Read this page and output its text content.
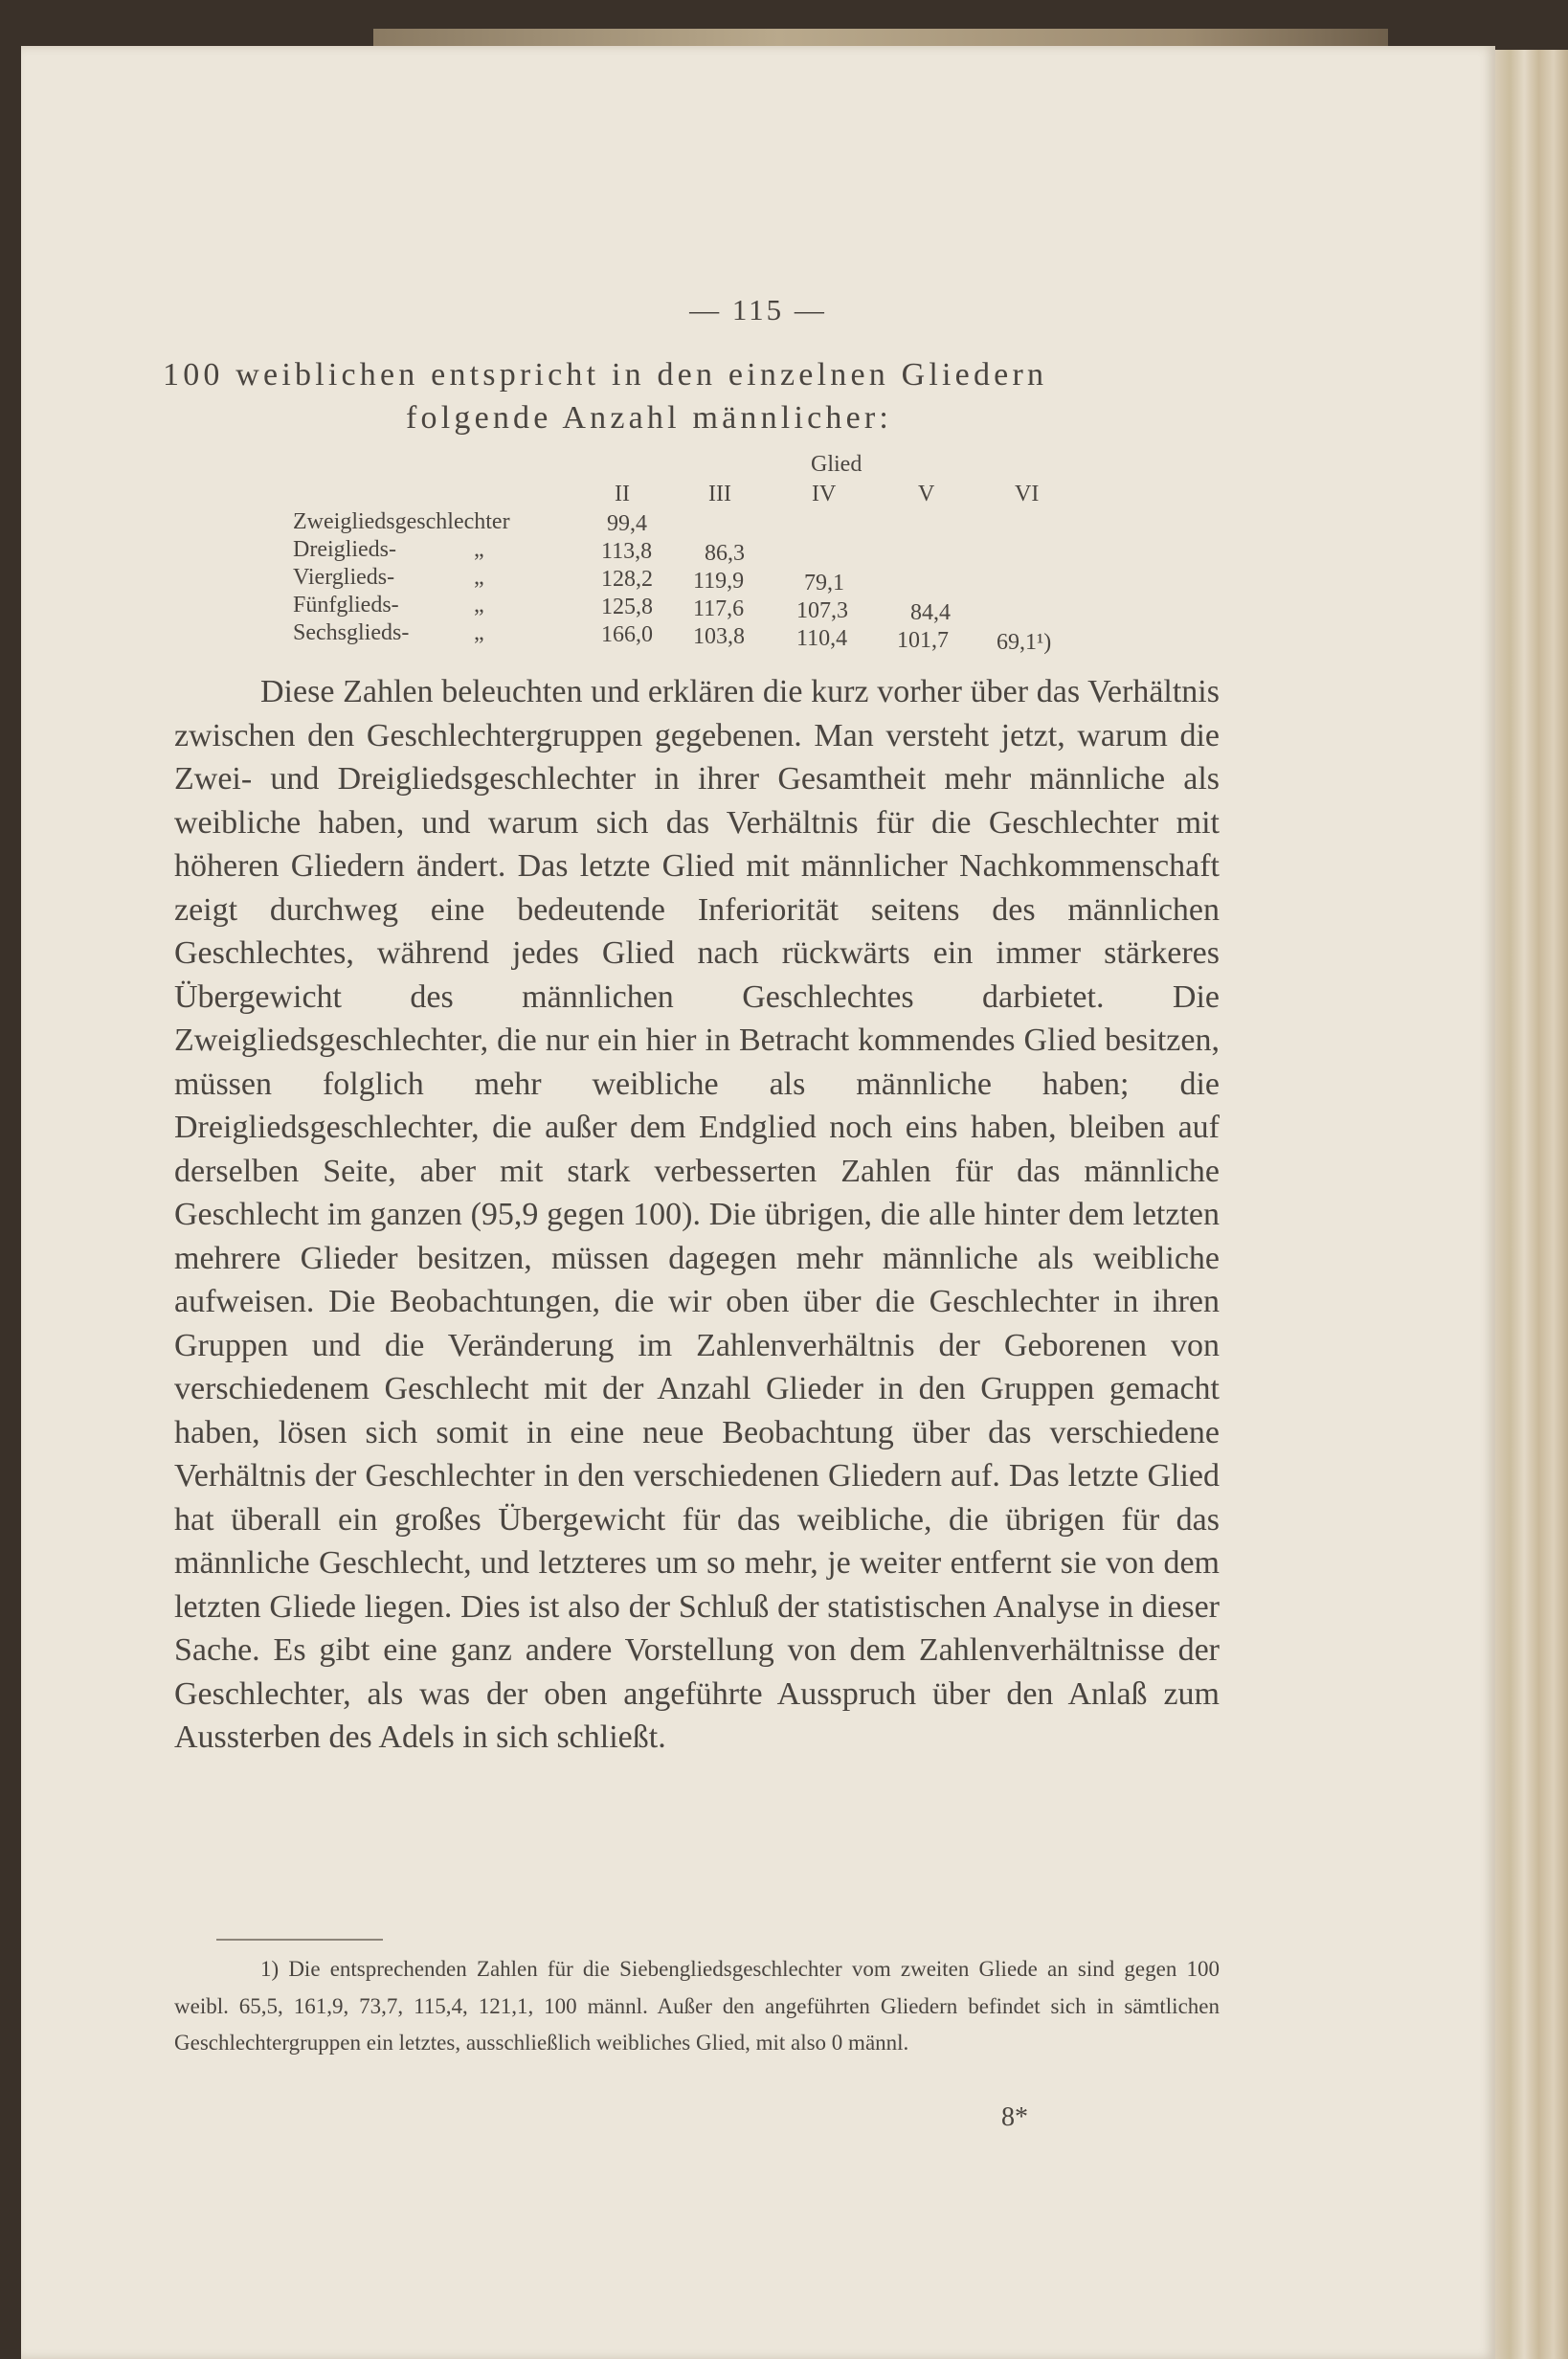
— 115 —
100 weiblichen entspricht in den einzelnen Gliedern
folgende Anzahl männlicher:
Glied
II	III	IV	V	VI
Zweigliedsgeschlechter	99,4
Dreiglieds-	„	113,8 86,3
Vierglieds-	„	128,2 119,9	79,1
Fünfglieds-	„	125,8 117,6 107,3	84,4
Sechsglieds-	„	166,0 103,8 110,4 101,7 69,1¹)

Diese Zahlen beleuchten und erklären die kurz vorher über das Verhältnis zwischen den Geschlechtergruppen gegebenen. Man versteht jetzt, warum die Zwei- und Dreigliedsgeschlechter in ihrer Gesamtheit mehr männliche als weibliche haben, und warum sich das Verhältnis für die Geschlechter mit höheren Gliedern ändert. Das letzte Glied mit männlicher Nachkommenschaft zeigt durchweg eine bedeutende Inferiorität seitens des männlichen Geschlechtes, während jedes Glied nach rückwärts ein immer stärkeres Übergewicht des männlichen Geschlechtes darbietet. Die Zweigliedsgeschlechter, die nur ein hier in Betracht kommendes Glied besitzen, müssen folglich mehr weibliche als männliche haben; die Dreigliedsgeschlechter, die außer dem Endglied noch eins haben, bleiben auf derselben Seite, aber mit stark verbesserten Zahlen für das männliche Geschlecht im ganzen (95,9 gegen 100). Die übrigen, die alle hinter dem letzten mehrere Glieder besitzen, müssen dagegen mehr männliche als weibliche aufweisen. Die Beobachtungen, die wir oben über die Geschlechter in ihren Gruppen und die Veränderung im Zahlenverhältnis der Geborenen von verschiedenem Geschlecht mit der Anzahl Glieder in den Gruppen gemacht haben, lösen sich somit in eine neue Beobachtung über das verschiedene Verhältnis der Geschlechter in den verschiedenen Gliedern auf. Das letzte Glied hat überall ein großes Übergewicht für das weibliche, die übrigen für das männliche Geschlecht, und letzteres um so mehr, je weiter entfernt sie von dem letzten Gliede liegen. Dies ist also der Schluß der statistischen Analyse in dieser Sache. Es gibt eine ganz andere Vorstellung von dem Zahlenverhältnisse der Geschlechter, als was der oben angeführte Ausspruch über den Anlaß zum Aussterben des Adels in sich schließt.

1) Die entsprechenden Zahlen für die Siebengliedsgeschlechter vom zweiten Gliede an sind gegen 100 weibl. 65,5, 161,9, 73,7, 115,4, 121,1, 100 männl. Außer den angeführten Gliedern befindet sich in sämtlichen Geschlechtergruppen ein letztes, ausschließlich weibliches Glied, mit also 0 männl.

8*
